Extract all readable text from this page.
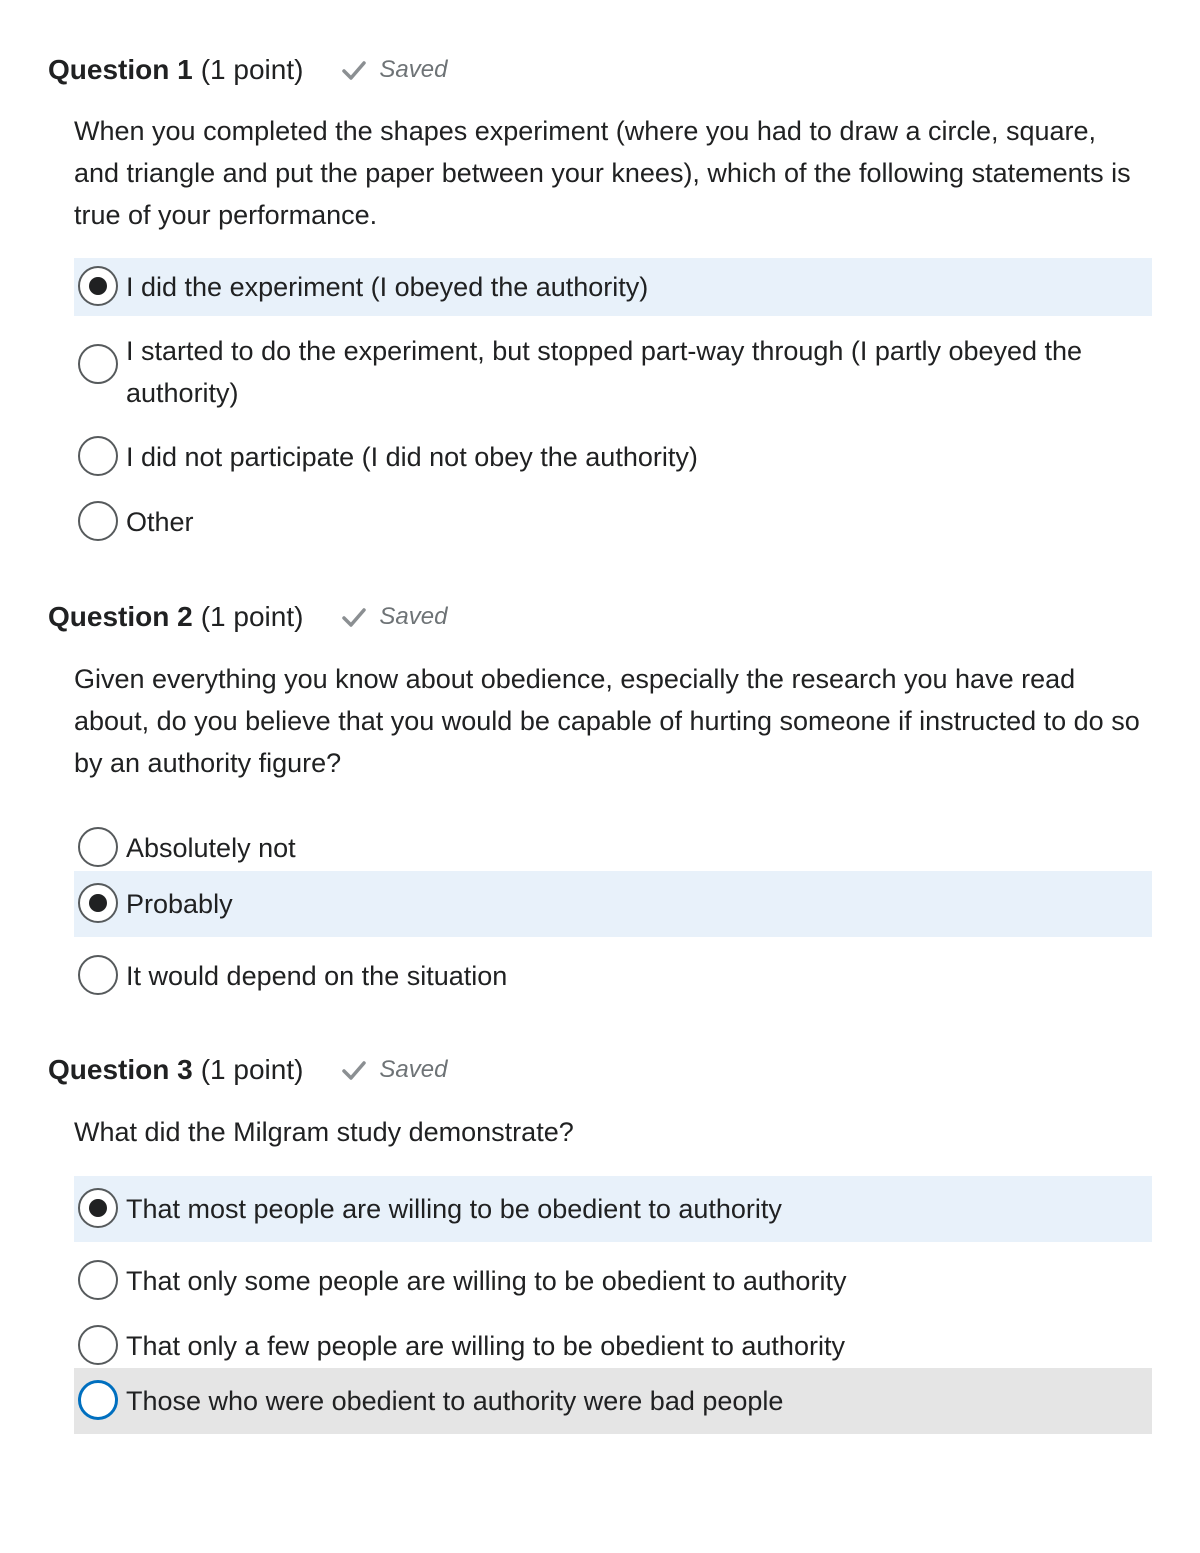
Question 1 (1 point)	Saved
When you completed the shapes experiment (where you had to draw a circle, square, and triangle and put the paper between your knees), which of the following statements is true of your performance.
I did the experiment (I obeyed the authority)
I started to do the experiment, but stopped part-way through (I partly obeyed the authority)
I did not participate (I did not obey the authority)
Other
Question 2 (1 point)	Saved
Given everything you know about obedience, especially the research you have read about, do you believe that you would be capable of hurting someone if instructed to do so by an authority figure?
Absolutely not
Probably
It would depend on the situation
Question 3 (1 point)	Saved
What did the Milgram study demonstrate?
That most people are willing to be obedient to authority
That only some people are willing to be obedient to authority
That only a few people are willing to be obedient to authority
Those who were obedient to authority were bad people
